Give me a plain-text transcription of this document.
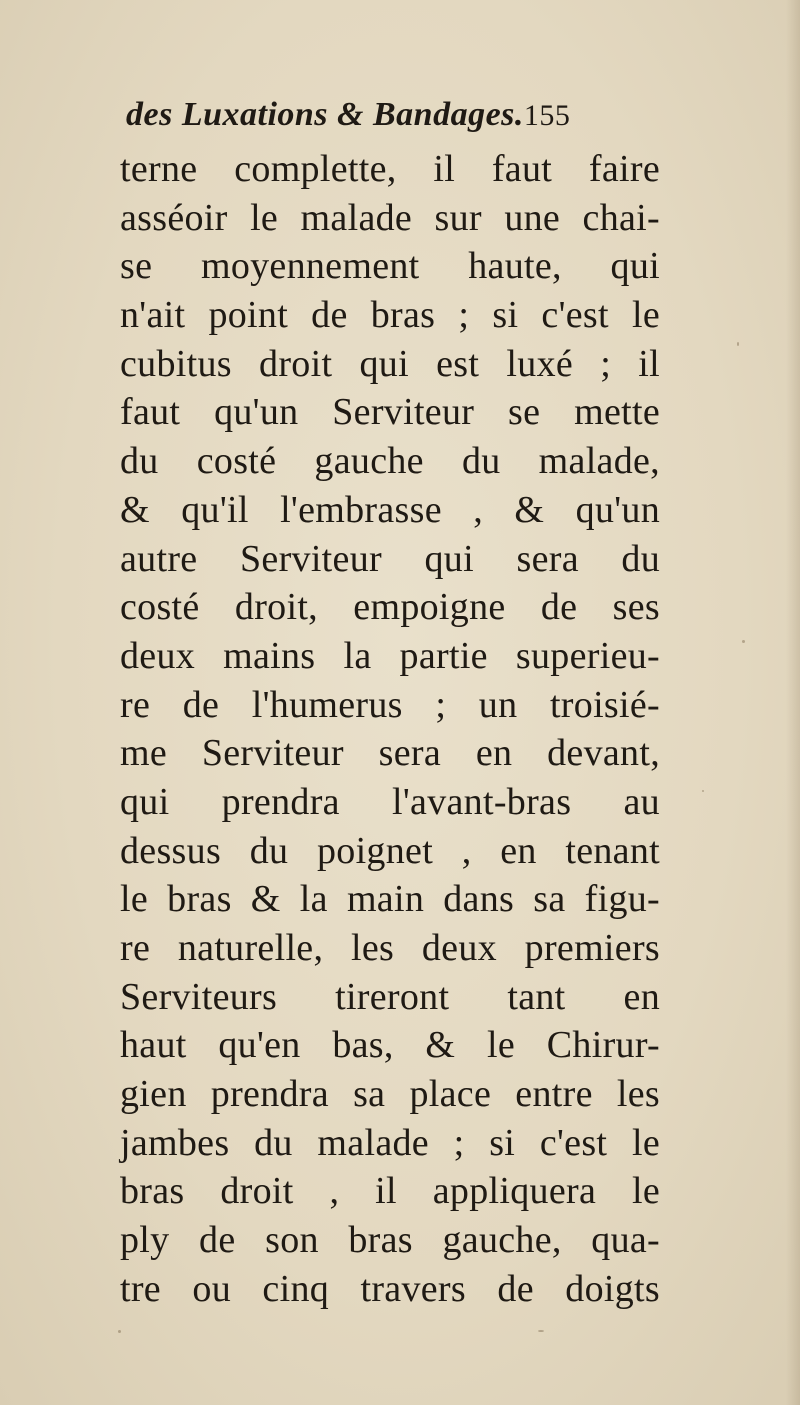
des Luxations & Bandages.155
terne complette, il faut faire
asséoir le malade sur une chai-
se moyennement haute, qui
n'ait point de bras ; si c'est le
cubitus droit qui est luxé ; il
faut qu'un Serviteur se mette
du costé gauche du malade,
& qu'il l'embrasse , & qu'un
autre Serviteur qui sera du
costé droit, empoigne de ses
deux mains la partie superieu-
re de l'humerus ; un troisié-
me Serviteur sera en devant,
qui prendra l'avant-bras au
dessus du poignet , en tenant
le bras & la main dans sa figu-
re naturelle, les deux premiers
Serviteurs tireront tant en
haut qu'en bas, & le Chirur-
gien prendra sa place entre les
jambes du malade ; si c'est le
bras droit , il appliquera le
ply de son bras gauche, qua-
tre ou cinq travers de doigts
